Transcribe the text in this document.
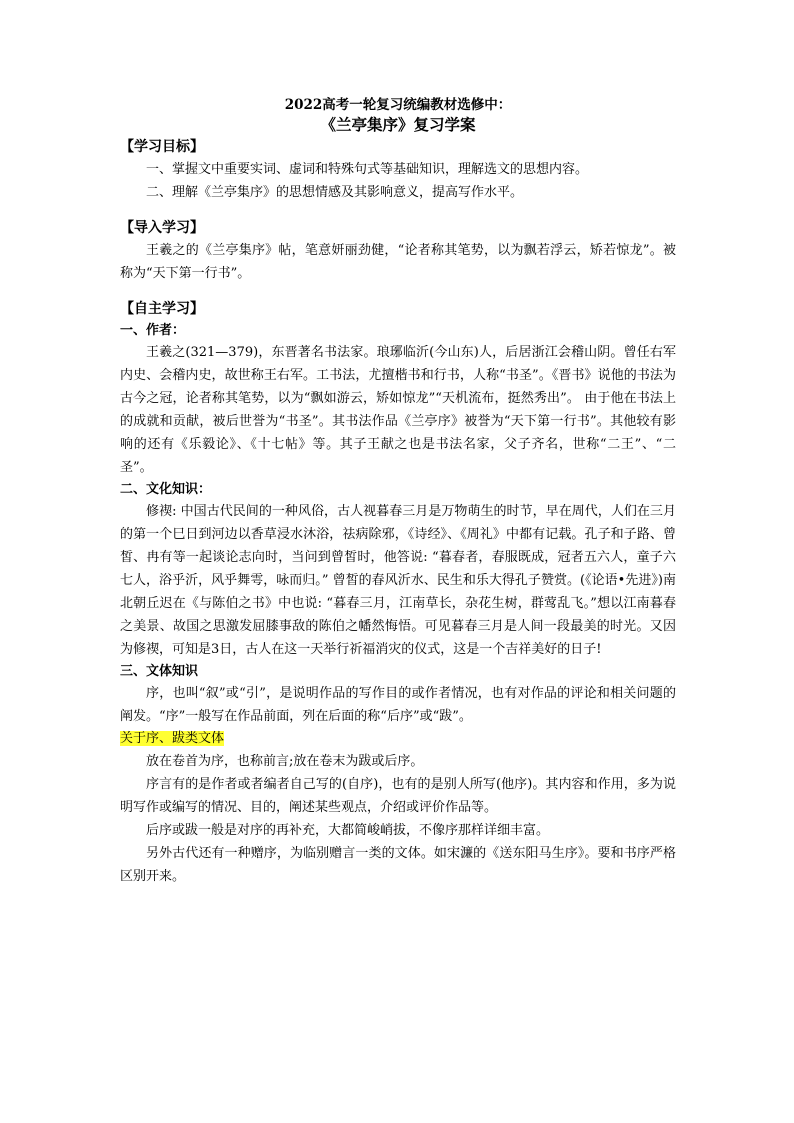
2022高考一轮复习统编教材选修中：

《兰亭集序》复习学案

【学习目标】

一、掌握文中重要实词、虚词和特殊句式等基础知识，理解选文的思想内容。

二、理解《兰亭集序》的思想情感及其影响意义，提高写作水平。

【导入学习】

王羲之的《兰亭集序》帖，笔意妍丽劲健，“论者称其笔势，以为飘若浮云，矫若惊龙”。被称为“天下第一行书”。

【自主学习】

一、作者：

王羲之(321—379)，东晋著名书法家。琅琊临沂(今山东)人，后居浙江会稽山阴。曾任右军内史、会稽内史，故世称王右军。工书法，尤擅楷书和行书，人称“书圣”。《晋书》说他的书法为古今之冠，论者称其笔势，以为“飘如游云，矫如惊龙”“天机流布，挺然秀出”。 由于他在书法上的成就和贡献，被后世誉为“书圣”。其书法作品《兰亭序》被誉为“天下第一行书”。其他较有影响的还有《乐毅论》、《十七帖》等。其子王献之也是书法名家，父子齐名，世称“二王”、“二圣”。

二、文化知识：

修禊: 中国古代民间的一种风俗，古人视暮春三月是万物萌生的时节，早在周代，人们在三月的第一个巳日到河边以香草浸水沐浴，祛病除邪，《诗经》、《周礼》中都有记载。孔子和子路、曾皙、冉有等一起谈论志向时，当问到曾皙时，他答说: “暮春者，春服既成，冠者五六人，童子六七人，浴乎沂，风乎舞雩，咏而归。” 曾皙的春风沂水、民生和乐大得孔子赞赏。(《论语•先进》)南北朝丘迟在《与陈伯之书》中也说: “暮春三月，江南草长，杂花生树，群莺乱飞。”想以江南暮春之美景、故国之思激发屈膝事敌的陈伯之幡然悔悟。可见暮春三月是人间一段最美的时光。又因为修禊，可知是3日，古人在这一天举行祈福消灾的仪式，这是一个吉祥美好的日子!

三、文体知识

序，也叫“叙”或“引”，是说明作品的写作目的或作者情况，也有对作品的评论和相关问题的阐发。“序”一般写在作品前面，列在后面的称“后序”或“跋”。

关于序、跋类文体

放在卷首为序，也称前言;放在卷末为跋或后序。

序言有的是作者或者编者自己写的(自序)，也有的是别人所写(他序)。其内容和作用，多为说明写作或编写的情况、目的，阐述某些观点，介绍或评价作品等。

后序或跋一般是对序的再补充，大都简峻峭拔，不像序那样详细丰富。

另外古代还有一种赠序，为临别赠言一类的文体。如宋濂的《送东阳马生序》。要和书序严格区别开来。
